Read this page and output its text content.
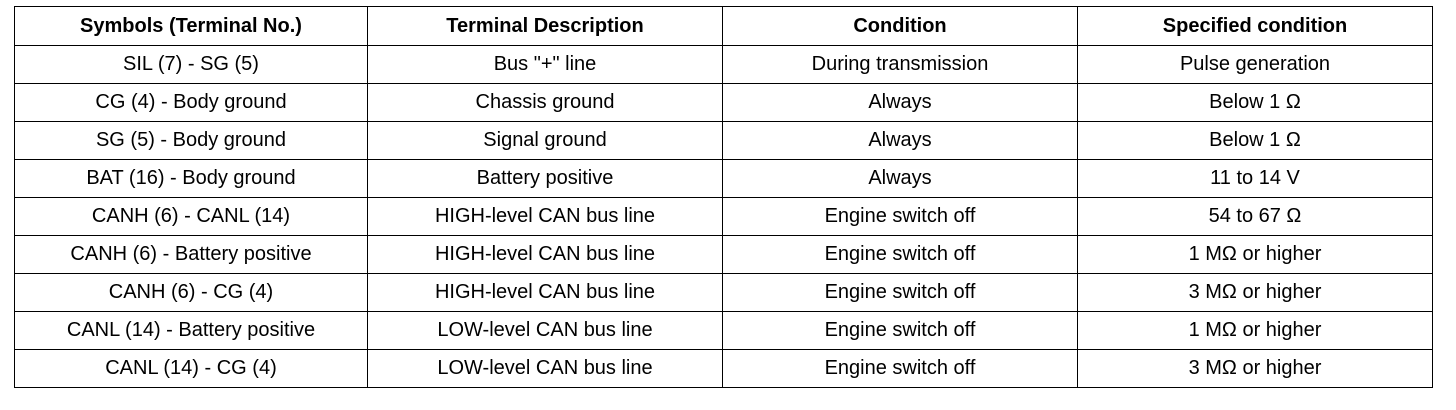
Symbols (Terminal No.)	Terminal Description	Condition	Specified condition
SIL (7) - SG (5)	Bus "+" line	During transmission	Pulse generation
CG (4) - Body ground	Chassis ground	Always	Below 1 Ω
SG (5) - Body ground	Signal ground	Always	Below 1 Ω
BAT (16) - Body ground	Battery positive	Always	11 to 14 V
CANH (6) - CANL (14)	HIGH-level CAN bus line	Engine switch off	54 to 67 Ω
CANH (6) - Battery positive	HIGH-level CAN bus line	Engine switch off	1 MΩ or higher
CANH (6) - CG (4)	HIGH-level CAN bus line	Engine switch off	3 MΩ or higher
CANL (14) - Battery positive	LOW-level CAN bus line	Engine switch off	1 MΩ or higher
CANL (14) - CG (4)	LOW-level CAN bus line	Engine switch off	3 MΩ or higher
